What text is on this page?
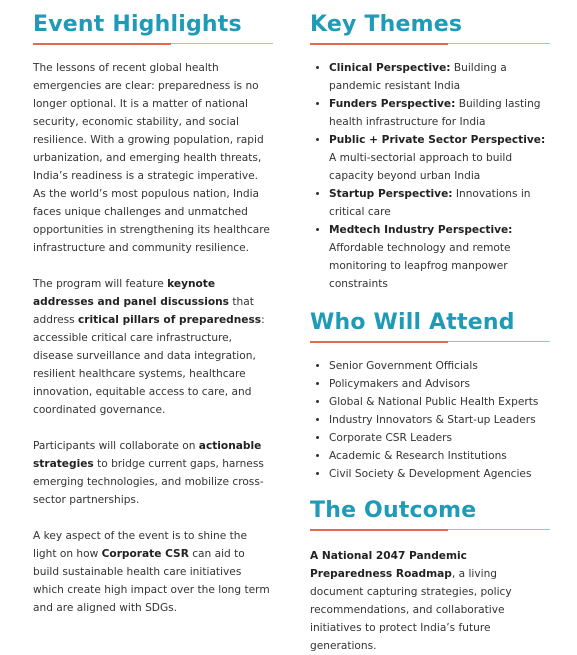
Event Highlights

The lessons of recent global health emergencies are clear: preparedness is no longer optional. It is a matter of national security, economic stability, and social resilience. With a growing population, rapid urbanization, and emerging health threats, India’s readiness is a strategic imperative. As the world’s most populous nation, India faces unique challenges and unmatched opportunities in strengthening its healthcare infrastructure and community resilience.

The program will feature keynote addresses and panel discussions that address critical pillars of preparedness: accessible critical care infrastructure, disease surveillance and data integration, resilient healthcare systems, healthcare innovation, equitable access to care, and coordinated governance.

Participants will collaborate on actionable strategies to bridge current gaps, harness emerging technologies, and mobilize cross-sector partnerships.

A key aspect of the event is to shine the light on how Corporate CSR can aid to build sustainable health care initiatives which create high impact over the long term and are aligned with SDGs.

Key Themes
• Clinical Perspective: Building a pandemic resistant India
• Funders Perspective: Building lasting health infrastructure for India
• Public + Private Sector Perspective: A multi-sectorial approach to build capacity beyond urban India
• Startup Perspective: Innovations in critical care
• Medtech Industry Perspective: Affordable technology and remote monitoring to leapfrog manpower constraints
Who Will Attend
• Senior Government Officials
• Policymakers and Advisors
• Global & National Public Health Experts
• Industry Innovators & Start-up Leaders
• Corporate CSR Leaders
• Academic & Research Institutions
• Civil Society & Development Agencies
The Outcome

A National 2047 Pandemic Preparedness Roadmap, a living document capturing strategies, policy recommendations, and collaborative initiatives to protect India’s future generations.
